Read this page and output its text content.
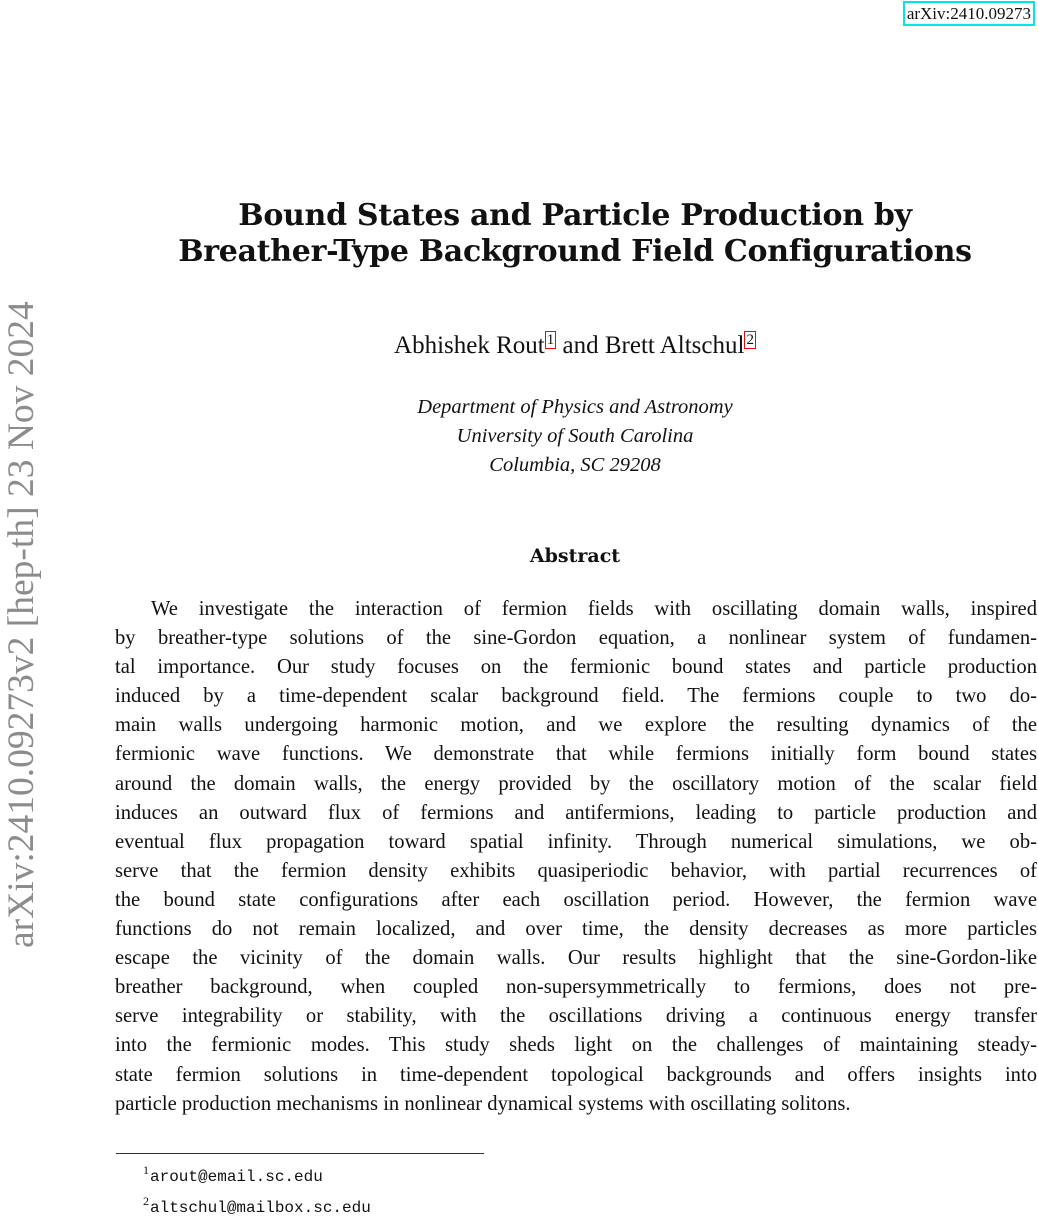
arXiv:2410.09273
arXiv:2410.09273v2 [hep-th] 23 Nov 2024
Bound States and Particle Production by
Breather-Type Background Field Configurations
Abhishek Rout 1 and Brett Altschul 2
Department of Physics and Astronomy
University of South Carolina
Columbia, SC 29208
Abstract
We investigate the interaction of fermion fields with oscillating domain walls, inspired
by breather-type solutions of the sine-Gordon equation, a nonlinear system of fundamen-
tal importance. Our study focuses on the fermionic bound states and particle production
induced by a time-dependent scalar background field. The fermions couple to two do-
main walls undergoing harmonic motion, and we explore the resulting dynamics of the
fermionic wave functions. We demonstrate that while fermions initially form bound states
around the domain walls, the energy provided by the oscillatory motion of the scalar field
induces an outward flux of fermions and antifermions, leading to particle production and
eventual flux propagation toward spatial infinity. Through numerical simulations, we ob-
serve that the fermion density exhibits quasiperiodic behavior, with partial recurrences of
the bound state configurations after each oscillation period. However, the fermion wave
functions do not remain localized, and over time, the density decreases as more particles
escape the vicinity of the domain walls. Our results highlight that the sine-Gordon-like
breather background, when coupled non-supersymmetrically to fermions, does not pre-
serve integrability or stability, with the oscillations driving a continuous energy transfer
into the fermionic modes. This study sheds light on the challenges of maintaining steady-
state fermion solutions in time-dependent topological backgrounds and offers insights into
particle production mechanisms in nonlinear dynamical systems with oscillating solitons.
$^1$arout@email.sc.edu
$^2$altschul@mailbox.sc.edu
